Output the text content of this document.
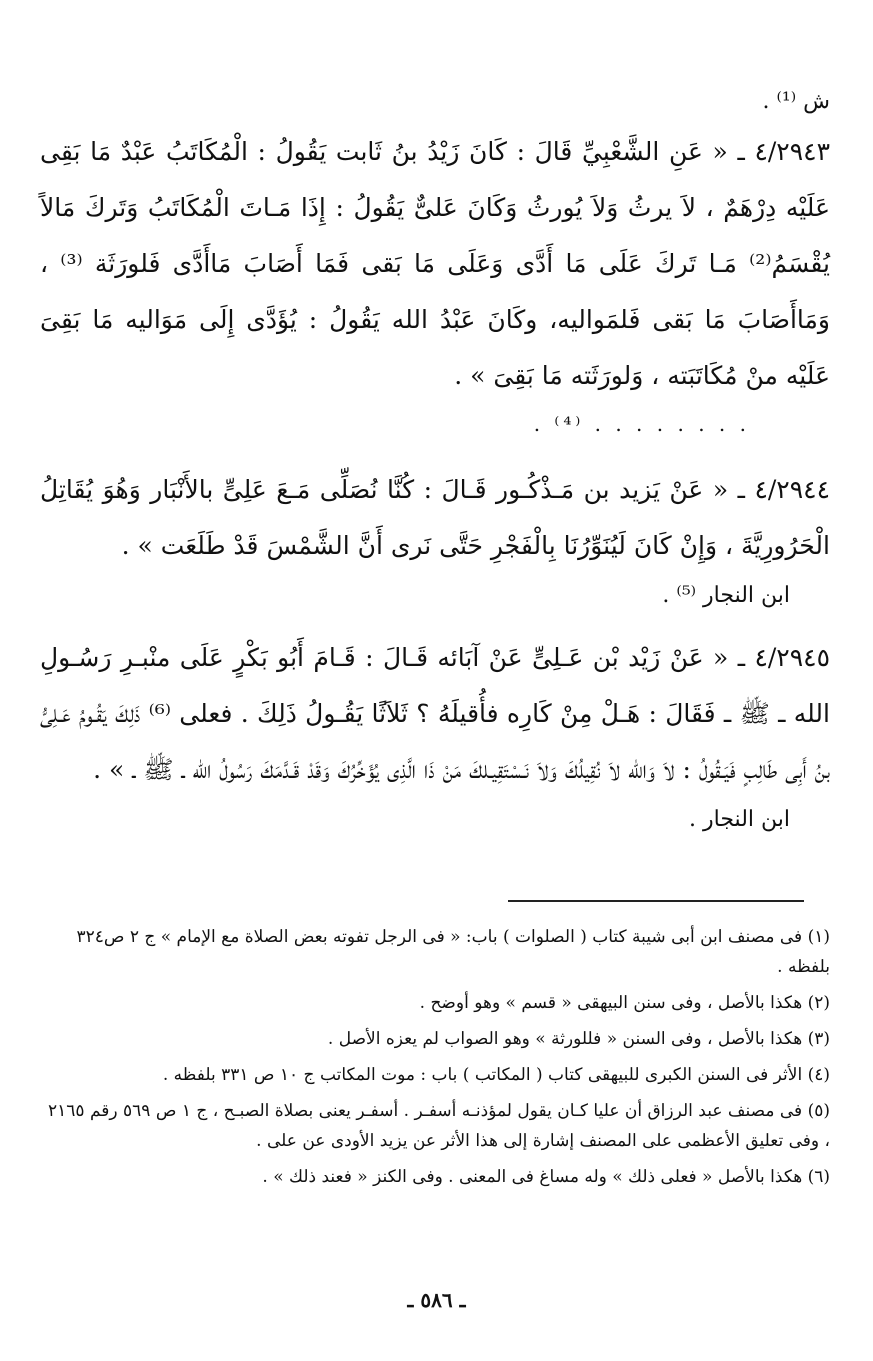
ش ⁽¹⁾ .

٤/٢٩٤٣ ـ « عَنِ الشَّعْبِيِّ قَالَ : كَانَ زَيْدُ بنُ ثَابت يَقُولُ : الْمُكَاتَبُ عَبْدٌ مَا بَقِى عَلَيْه دِرْهَمٌ ، لاَ يرثُ وَلاَ يُورثُ وَكَانَ عَلىٌّ يَقُولُ : إِذَا مَـاتَ الْمُكَاتَبُ وَتَركَ مَالاً يُقْسَمُ⁽²⁾ مَـا تَركَ عَلَى مَا أَدَّى وَعَلَى مَا بَقى فَمَا أَصَابَ مَاأَدَّى فَلورَثَة ⁽³⁾ ، وَمَاأَصَابَ مَا بَقى فَلمَواليه، وكَانَ عَبْدُ الله يَقُولُ : يُؤَدَّى إِلَى مَوَاليه مَا بَقِىَ عَلَيْه منْ مُكَاتَبَته ، وَلورَثَته مَا بَقِىَ » .

. . . . . . . . ⁽⁴⁾ .

٤/٢٩٤٤ ـ « عَنْ يَزيد بن مَـذْكُـور قَـالَ : كُنَّا نُصَلِّى مَـعَ عَلِىٍّ بالأَنْبَار وَهُوَ يُقَاتِلُ الْحَرُورِيَّةَ ، وَإِنْ كَانَ لَيُنَوِّرُنَا بِالْفَجْرِ حَتَّى نَرى أَنَّ الشَّمْسَ قَدْ طَلَعَت » .

ابن النجار ⁽⁵⁾ .

٤/٢٩٤٥ ـ « عَنْ زَيْد بْن عَـلِىٍّ عَنْ آبَائه قَـالَ : قَـامَ أَبُو بَكْرٍ عَلَى منْبـرِ رَسُـولِ الله ـ ﷺ ـ فَقَالَ : هَـلْ مِنْ كَارِه فأُقيلَهُ ؟ ثَلاَثًا يَقُـولُ ذَلِكَ . فعلى ⁽⁶⁾ ذَلِكَ يَقُـومُ عَـلِىُّ بنُ أَبِى طَالِبٍ فَيَـقُولُ : لاَ وَالله لاَ نُقِيلُكَ وَلاَ نَـسْتَقِيـلكَ مَنْ ذَا الَّذِى يُؤَخِّرُكَ وَقَدْ قَـدَّمَكَ رَسُولُ الله ـ ﷺ ـ » .

ابن النجار .

(١) فى مصنف ابن أبى شيبة كتاب ( الصلوات ) باب: « فى الرجل تفوته بعض الصلاة مع الإمام » ج ٢ ص٣٢٤ بلفظه .

(٢) هكذا بالأصل ، وفى سنن البيهقى « قسم » وهو أوضح .

(٣) هكذا بالأصل ، وفى السنن « فللورثة » وهو الصواب لم يعزه الأصل .

(٤) الأثر فى السنن الكبرى للبيهقى كتاب ( المكاتب ) باب : موت المكاتب ج ١٠ ص ٣٣١ بلفظه .

(٥) فى مصنف عبد الرزاق أن عليا كـان يقول لمؤذنـه أسفـر . أسفـر يعنى بصلاة الصبـح ، ج ١ ص ٥٦٩ رقم ٢١٦٥ ، وفى تعليق الأعظمى على المصنف إشارة إلى هذا الأثر عن يزيد الأودى عن على .

(٦) هكذا بالأصل « فعلى ذلك » وله مساغ فى المعنى . وفى الكنز « فعند ذلك » .

ـ ٥٨٦ ـ
